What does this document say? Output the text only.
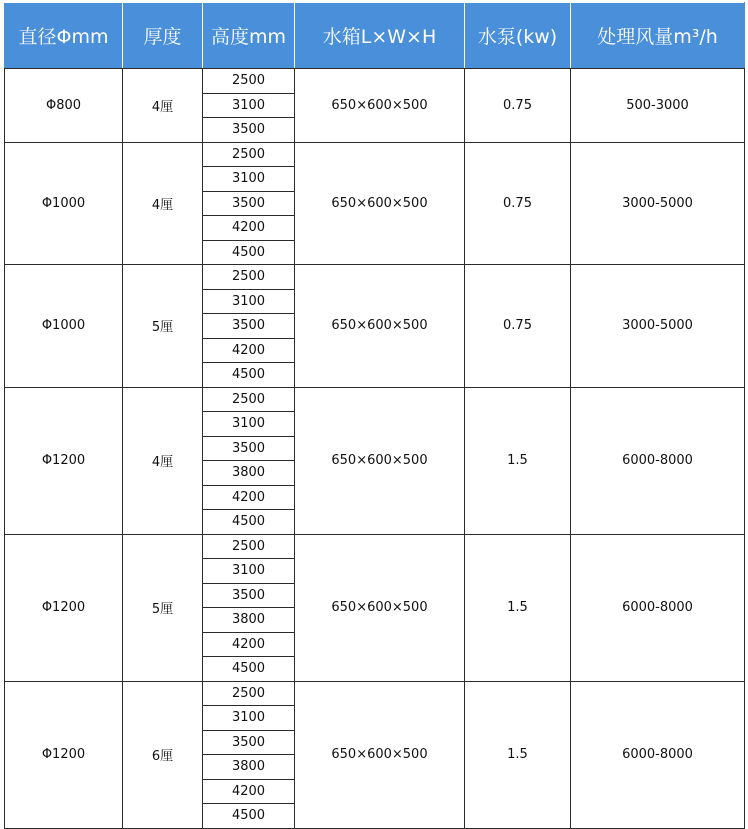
直径Φmm	厚度	高度mm	水箱L×W×H	水泵(kw)	处理风量m³/h
Φ800	4厘	2500	650×600×500	0.75	500-3000
		3100			
		3500			
Φ1000	4厘	2500	650×600×500	0.75	3000-5000
		3100			
		3500			
		4200			
		4500			
Φ1000	5厘	2500	650×600×500	0.75	3000-5000
		3100			
		3500			
		4200			
		4500			
Φ1200	4厘	2500	650×600×500	1.5	6000-8000
		3100			
		3500			
		3800			
		4200			
		4500			
Φ1200	5厘	2500	650×600×500	1.5	6000-8000
		3100			
		3500			
		3800			
		4200			
		4500			
Φ1200	6厘	2500	650×600×500	1.5	6000-8000
		3100			
		3500			
		3800			
		4200			
		4500			
